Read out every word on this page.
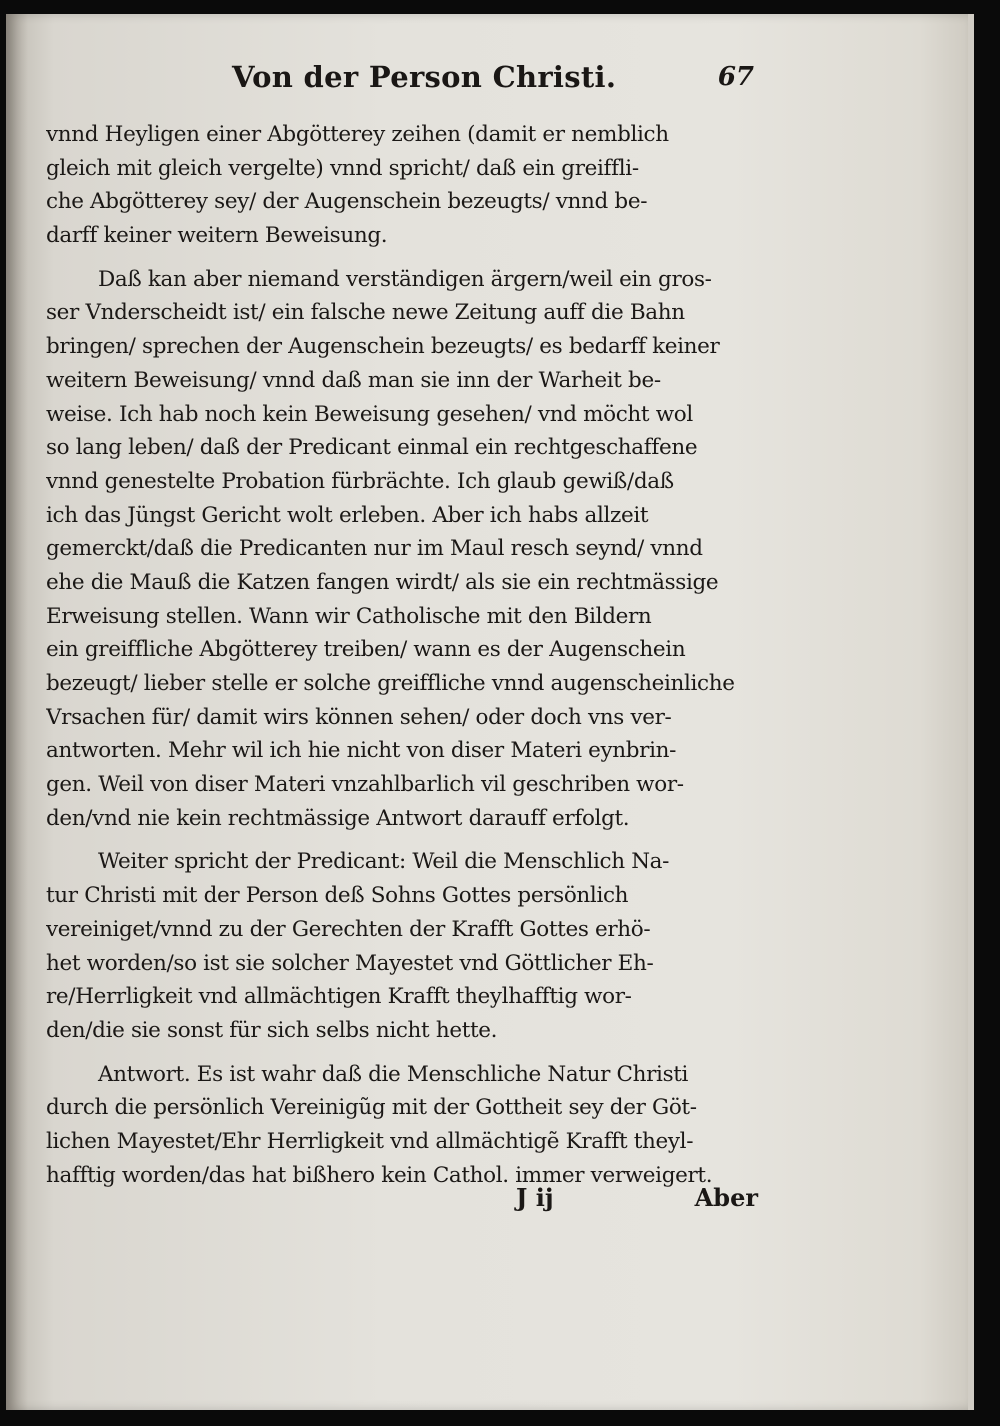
Von der Person Christi.	67
vnnd Heyligen einer Abgötterey zeihen (damit er nemblich
gleich mit gleich vergelte) vnnd spricht/ daß ein greiffli-
che Abgötterey sey/ der Augenschein bezeugts/ vnnd be-
darff keiner weitern Beweisung.
Daß kan aber niemand verständigen ärgern/weil ein gros-
ser Vnderscheidt ist/ ein falsche newe Zeitung auff die Bahn
bringen/ sprechen der Augenschein bezeugts/ es bedarff keiner
weitern Beweisung/ vnnd daß man sie inn der Warheit be-
weise. Ich hab noch kein Beweisung gesehen/ vnd möcht wol
so lang leben/ daß der Predicant einmal ein rechtgeschaffene
vnnd genestelte Probation fürbrächte. Ich glaub gewiß/daß
ich das Jüngst Gericht wolt erleben. Aber ich habs allzeit
gemerckt/daß die Predicanten nur im Maul resch seynd/ vnnd
ehe die Mauß die Katzen fangen wirdt/ als sie ein rechtmässige
Erweisung stellen. Wann wir Catholische mit den Bildern
ein greiffliche Abgötterey treiben/ wann es der Augenschein
bezeugt/ lieber stelle er solche greiffliche vnnd augenscheinliche
Vrsachen für/ damit wirs können sehen/ oder doch vns ver-
antworten. Mehr wil ich hie nicht von diser Materi eynbrin-
gen. Weil von diser Materi vnzahlbarlich vil geschriben wor-
den/vnd nie kein rechtmässige Antwort darauff erfolgt.
Weiter spricht der Predicant: Weil die Menschlich Na-
tur Christi mit der Person deß Sohns Gottes persönlich
vereiniget/vnnd zu der Gerechten der Krafft Gottes erhö-
het worden/so ist sie solcher Mayestet vnd Göttlicher Eh-
re/Herrligkeit vnd allmächtigen Krafft theylhafftig wor-
den/die sie sonst für sich selbs nicht hette.
Antwort. Es ist wahr daß die Menschliche Natur Christi
durch die persönlich Vereinigũg mit der Gottheit sey der Göt-
lichen Mayestet/Ehr Herrligkeit vnd allmächtigẽ Krafft theyl-
hafftig worden/das hat bißhero kein Cathol. immer verweigert.
J ij	Aber
